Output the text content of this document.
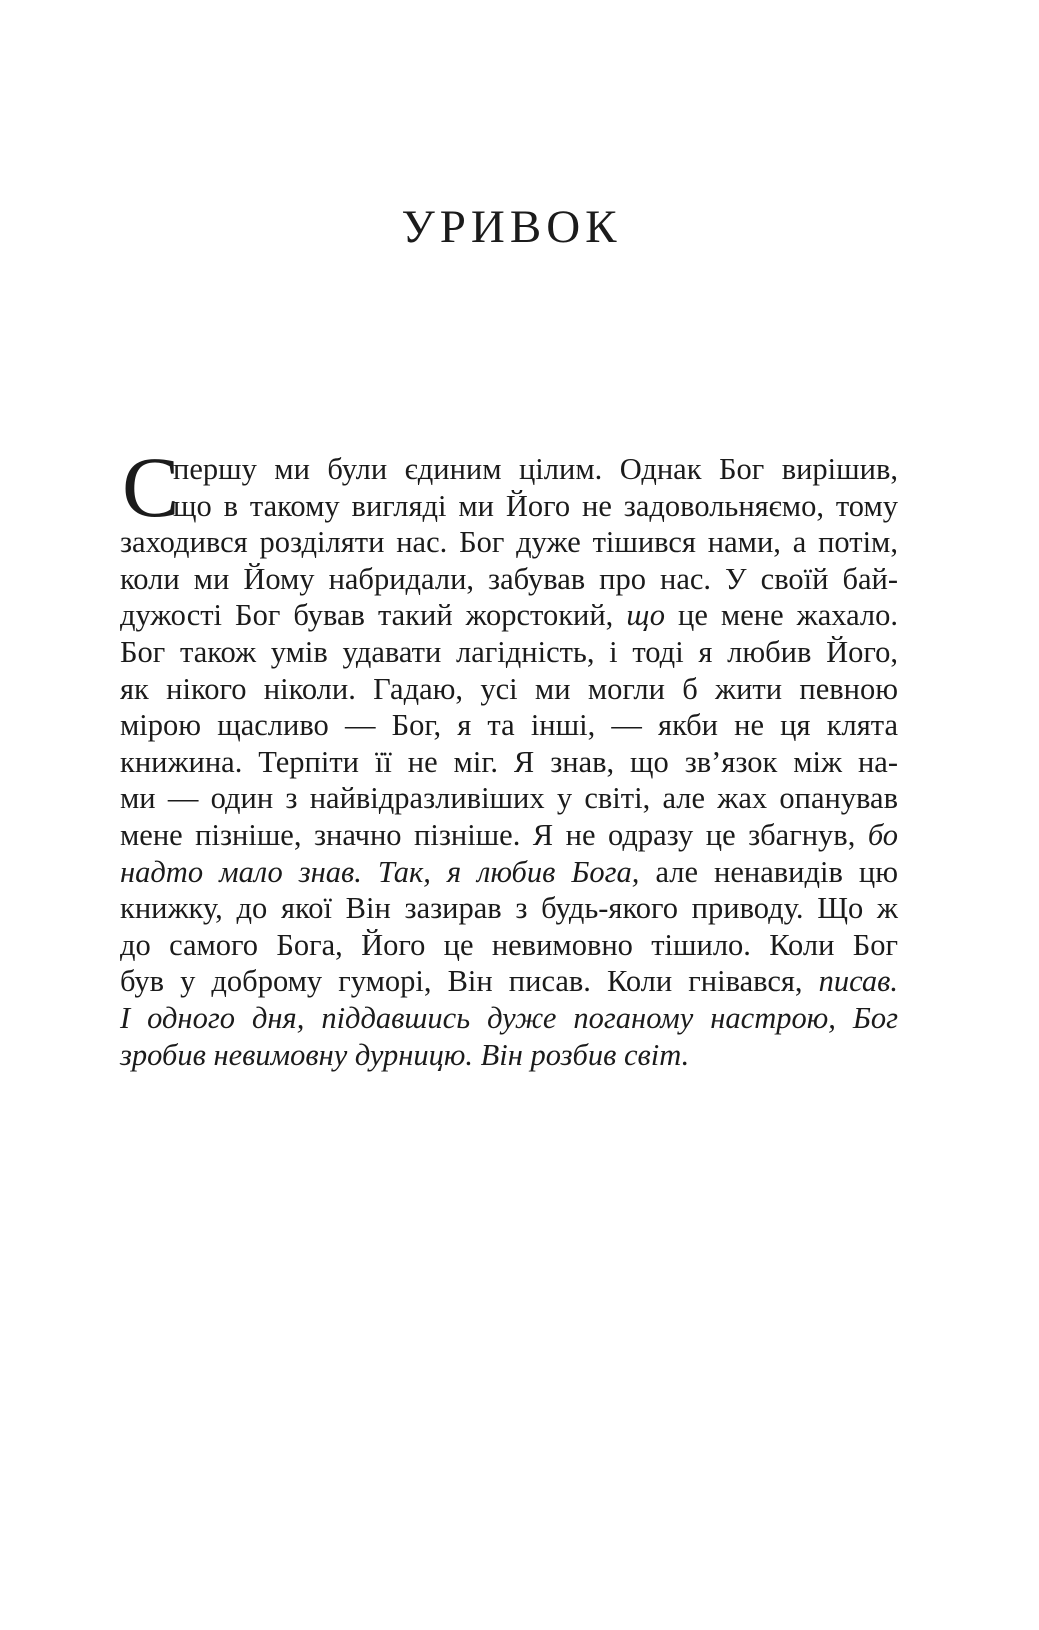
УРИВОК
С
першу ми були єдиним цілим. Однак Бог вирішив,
що в такому вигляді ми Його не задовольняємо, тому
заходився розділяти нас. Бог дуже тішився нами, а потім,
коли ми Йому набридали, забував про нас. У своїй бай-
дужості Бог бував такий жорстокий, що це мене жахало.
Бог також умів удавати лагідність, і тоді я любив Його,
як нікого ніколи. Гадаю, усі ми могли б жити певною
мірою щасливо — Бог, я та інші, — якби не ця клята
книжина. Терпіти її не міг. Я знав, що зв’язок між на-
ми — один з найвідразливіших у світі, але жах опанував
мене пізніше, значно пізніше. Я не одразу це збагнув, бо
надто мало знав. Так, я любив Бога, але ненавидів цю
книжку, до якої Він зазирав з будь-якого приводу. Що ж
до самого Бога, Його це невимовно тішило. Коли Бог
був у доброму гуморі, Він писав. Коли гнівався, писав.
І одного дня, піддавшись дуже поганому настрою, Бог
зробив невимовну дурницю. Він розбив світ.
